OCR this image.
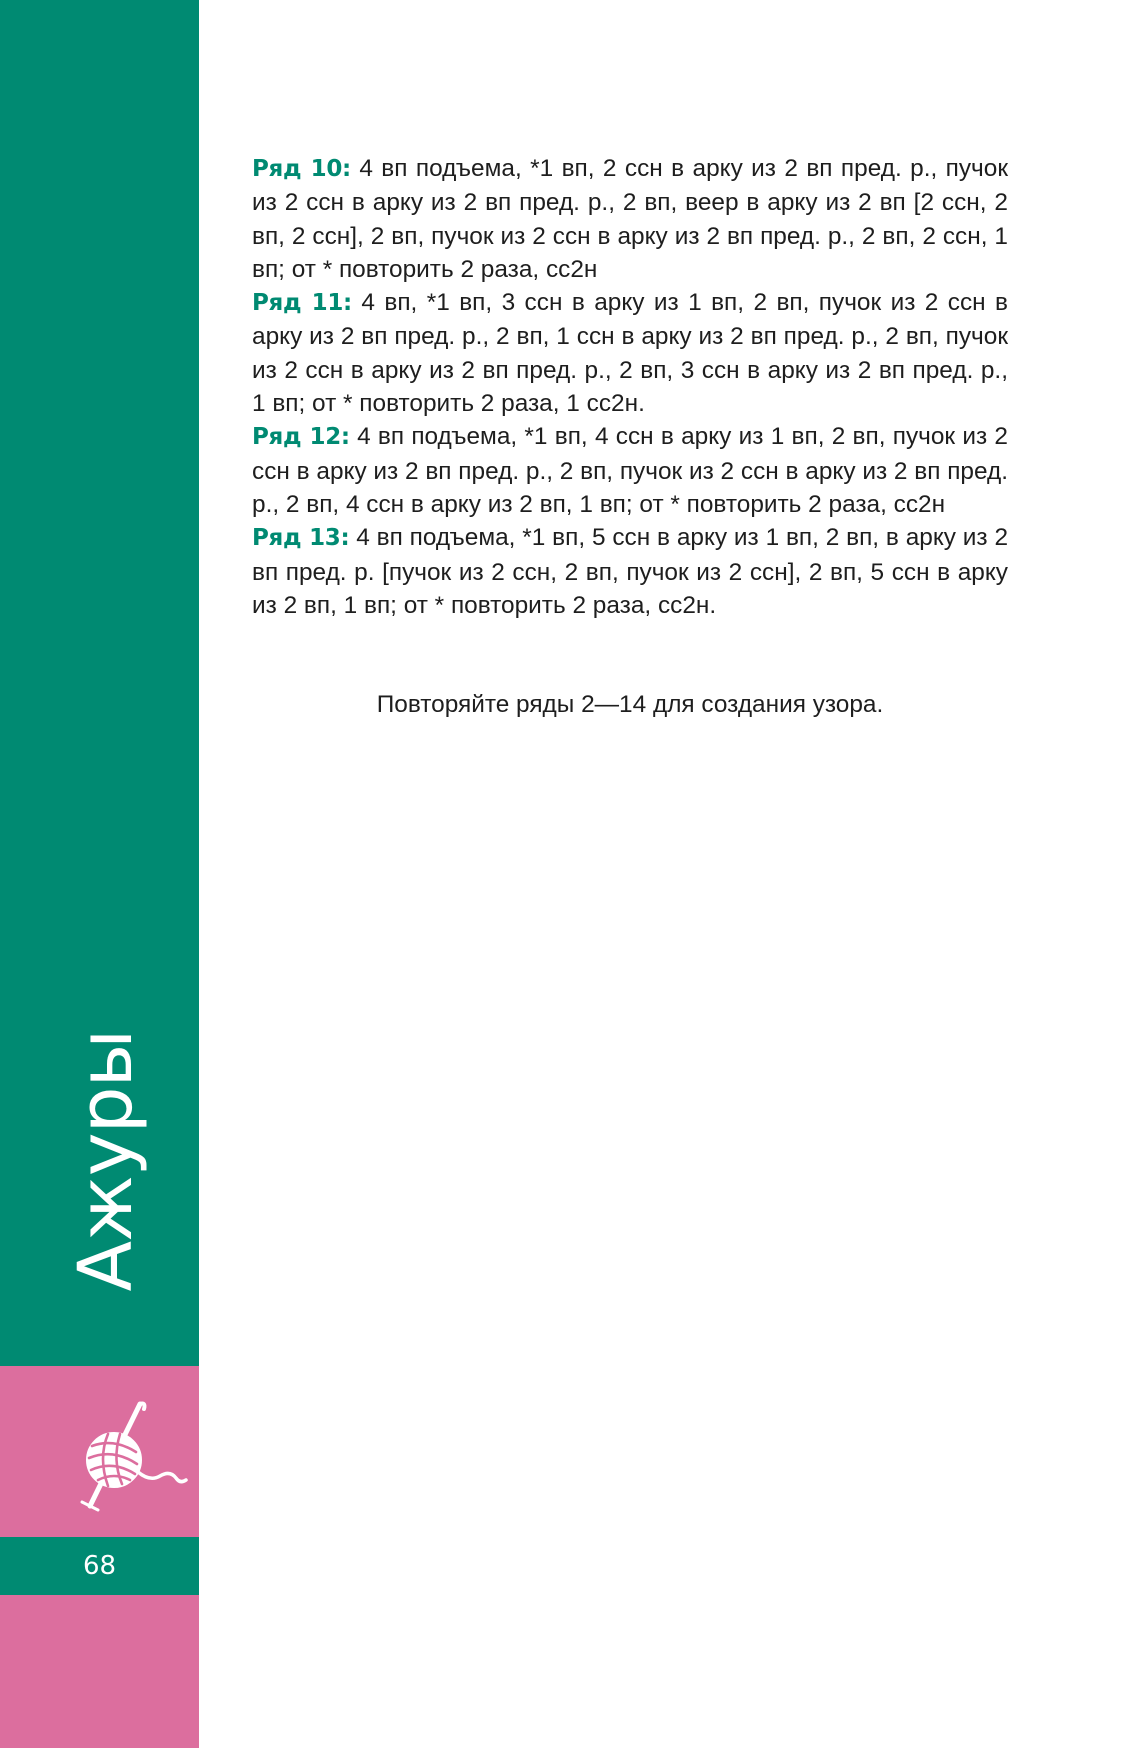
Ажуры
68

Ряд 10: 4 вп подъема, *1 вп, 2 ссн в арку из 2 вп пред. р., пучок из 2 ссн в арку из 2 вп пред. р., 2 вп, веер в арку из 2 вп [2 ссн, 2 вп, 2 ссн], 2 вп, пучок из 2 ссн в арку из 2 вп пред. р., 2 вп, 2 ссн, 1 вп; от * повторить 2 раза, сс2н

Ряд 11: 4 вп, *1 вп, 3 ссн в арку из 1 вп, 2 вп, пучок из 2 ссн в арку из 2 вп пред. р., 2 вп, 1 ссн в арку из 2 вп пред. р., 2 вп, пучок из 2 ссн в арку из 2 вп пред. р., 2 вп, 3 ссн в арку из 2 вп пред. р., 1 вп; от * повторить 2 раза, 1 сс2н.

Ряд 12: 4 вп подъема, *1 вп, 4 ссн в арку из 1 вп, 2 вп, пучок из 2 ссн в арку из 2 вп пред. р., 2 вп, пучок из 2 ссн в арку из 2 вп пред. р., 2 вп, 4 ссн в арку из 2 вп, 1 вп; от * повторить 2 раза, сс2н

Ряд 13: 4 вп подъема, *1 вп, 5 ссн в арку из 1 вп, 2 вп, в арку из 2 вп пред. р. [пучок из 2 ссн, 2 вп, пучок из 2 ссн], 2 вп, 5 ссн в арку из 2 вп, 1 вп; от * повторить 2 раза, сс2н.

Повторяйте ряды 2—14 для создания узора.
